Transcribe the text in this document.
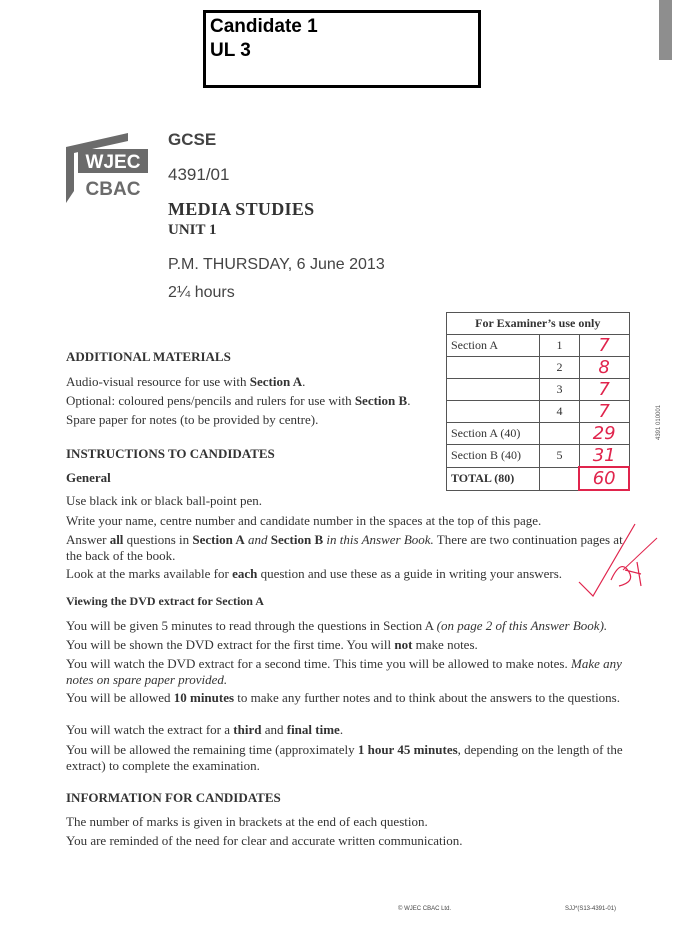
Candidate 1
UL 3
WJEC
CBAC
GCSE
4391/01
MEDIA STUDIES
UNIT 1
P.M. THURSDAY, 6 June 2013
2¼ hours
For Examiner’s use only		
Section A	1	7
	2	8
	3	7
	4	7
Section A (40)		29
Section B (40)	5	31
TOTAL (80)		60
4391 010001
ADDITIONAL MATERIALS
Audio-visual resource for use with Section A.
Optional: coloured pens/pencils and rulers for use with Section B.
Spare paper for notes (to be provided by centre).
INSTRUCTIONS TO CANDIDATES
General
Use black ink or black ball-point pen.
Write your name, centre number and candidate number in the spaces at the top of this page.
Answer all questions in Section A and Section B in this Answer Book. There are two continuation pages at the back of the book.
Look at the marks available for each question and use these as a guide in writing your answers.
Viewing the DVD extract for Section A
You will be given 5 minutes to read through the questions in Section A (on page 2 of this Answer Book).
You will be shown the DVD extract for the first time. You will not make notes.
You will watch the DVD extract for a second time. This time you will be allowed to make notes. Make any notes on spare paper provided.
You will be allowed 10 minutes to make any further notes and to think about the answers to the questions.
You will watch the extract for a third and final time.
You will be allowed the remaining time (approximately 1 hour 45 minutes, depending on the length of the extract) to complete the examination.
INFORMATION FOR CANDIDATES
The number of marks is given in brackets at the end of each question.
You are reminded of the need for clear and accurate written communication.
© WJEC CBAC Ltd.	SJJ*(S13-4391-01)
